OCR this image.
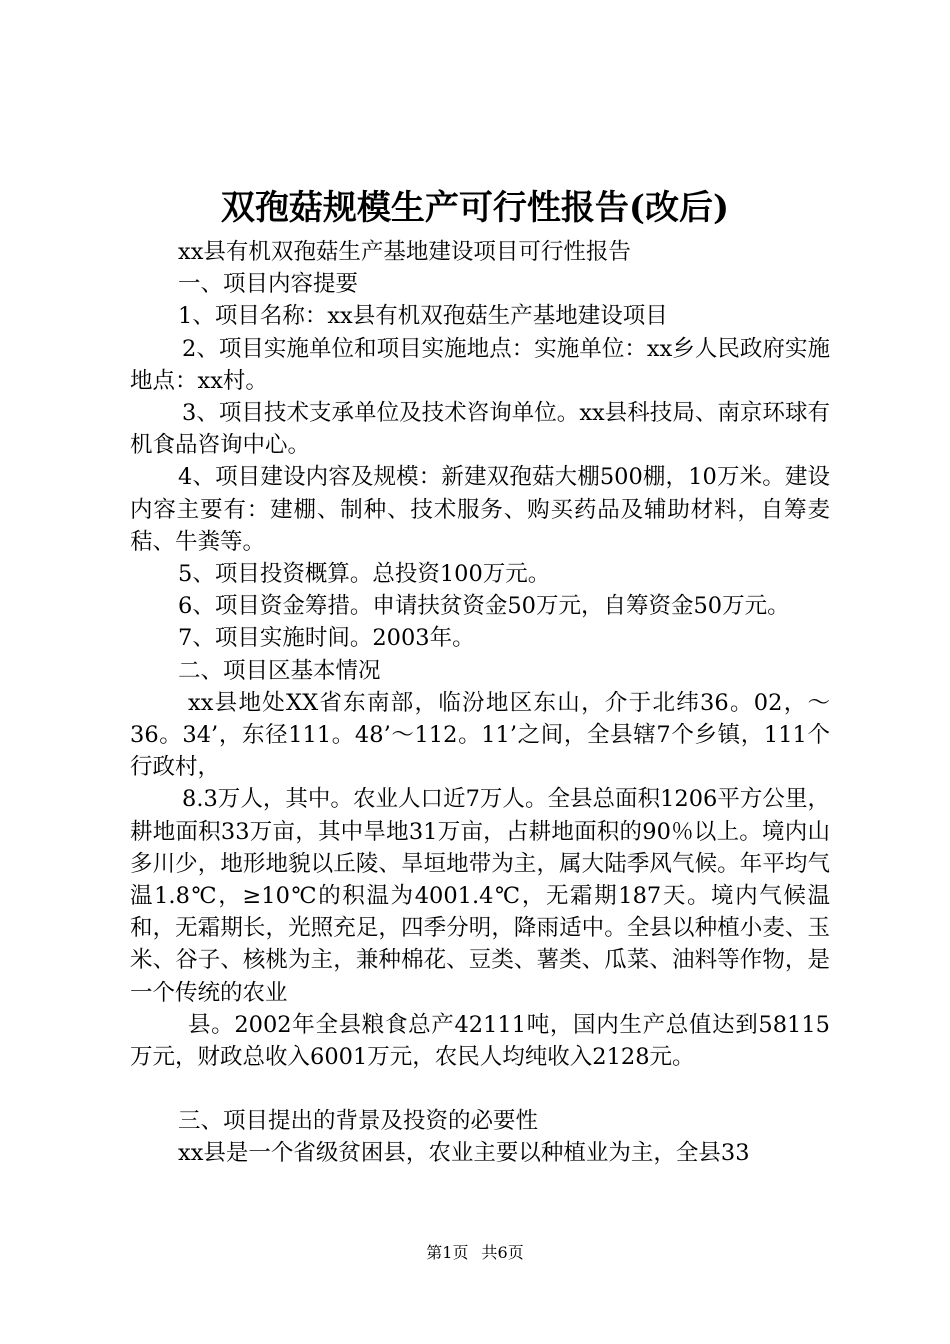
双孢菇规模生产可行性报告(改后)

xx县有机双孢菇生产基地建设项目可行性报告

一、项目内容提要

1、项目名称：xx县有机双孢菇生产基地建设项目

2、项目实施单位和项目实施地点：实施单位：xx乡人民政府实施地点：xx村。

3、项目技术支承单位及技术咨询单位。xx县科技局、南京环球有机食品咨询中心。

4、项目建设内容及规模：新建双孢菇大棚500棚，10万米。建设内容主要有：建棚、制种、技术服务、购买药品及辅助材料，自筹麦秸、牛粪等。

5、项目投资概算。总投资100万元。

6、项目资金筹措。申请扶贫资金50万元，自筹资金50万元。

7、项目实施时间。2003年。

二、项目区基本情况

xx县地处XX省东南部，临汾地区东山，介于北纬36。02，～36。34’，东径111。48’～112。11’之间，全县辖7个乡镇，111个行政村，

8.3万人，其中。农业人口近7万人。全县总面积1206平方公里，耕地面积33万亩，其中旱地31万亩，占耕地面积的90％以上。境内山多川少，地形地貌以丘陵、旱垣地带为主，属大陆季风气候。年平均气温1.8℃，≥10℃的积温为4001.4℃，无霜期187天。境内气候温和，无霜期长，光照充足，四季分明，降雨适中。全县以种植小麦、玉米、谷子、核桃为主，兼种棉花、豆类、薯类、瓜菜、油料等作物，是一个传统的农业

县。2002年全县粮食总产42111吨，国内生产总值达到58115万元，财政总收入6001万元，农民人均纯收入2128元。

三、项目提出的背景及投资的必要性

xx县是一个省级贫困县，农业主要以种植业为主，全县33

第1页 共6页
